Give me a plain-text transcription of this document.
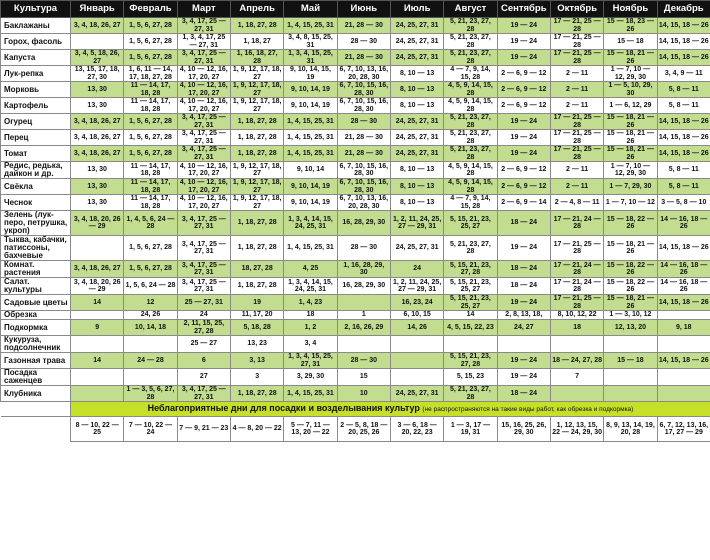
Культура	Январь	Февраль	Март	Апрель	Май	Июнь	Июль	Август	Сентябрь	Октябрь	Ноябрь	Декабрь
Баклажаны	3, 4, 18, 26, 27	1, 5, 6, 27, 28	3, 4, 17, 25 — 27, 31	1, 18, 27, 28	1, 4, 15, 25, 31	21, 28 — 30	24, 25, 27, 31	5, 21, 23, 27, 28	19 — 24	17 — 21, 25 — 28	15 — 18, 23 — 26	14, 15, 18 — 26
Горох, фасоль		1, 5, 6, 27, 28	1, 3, 4, 17, 25 — 27, 31	1, 18, 27	3, 4, 8, 15, 25, 31	28 — 30	24, 25, 27, 31	5, 21, 23, 27, 28	19 — 24	17 — 21, 25 — 28	15 — 18	14, 15, 18 — 26
Капуста	3, 4, 5, 18, 26, 27	1, 5, 6, 27, 28	3, 4, 17, 25 — 27, 31	1, 16, 18, 27, 28	1, 3, 4, 15, 25, 31	21, 28 — 30	24, 25, 27, 31	5, 21, 23, 27, 28	19 — 24	17 — 21, 25 — 28	15 — 18, 21 — 26	14, 15, 18 — 26
Лук-репка	13, 15, 17, 18, 27, 30	1, 6, 11 — 14, 17, 18, 27, 28	4, 10 — 12, 16, 17, 20, 27	1, 9, 12, 17, 18, 27	9, 10, 14, 15, 19	6, 7, 10, 13, 16, 20, 28, 30	8, 10 — 13	4 — 7, 9, 14, 15, 28	2 — 6, 9 — 12	2 — 11	1 — 7, 10 — 12, 29, 30	3, 4, 9 — 11
Морковь	13, 30	11 — 14, 17, 18, 28	4, 10 — 12, 16, 17, 20, 27	1, 9, 12, 17, 18, 27	9, 10, 14, 19	6, 7, 10, 15, 16, 28, 30	8, 10 — 13	4, 5, 9, 14, 15, 28	2 — 6, 9 — 12	2 — 11	1 — 5, 10, 29, 30	5, 8 — 11
Картофель	13, 30	11 — 14, 17, 18, 28	4, 10 — 12, 16, 17, 20, 27	1, 9, 12, 17, 18, 27	9, 10, 14, 19	6, 7, 10, 15, 16, 28, 30	8, 10 — 13	4, 5, 9, 14, 15, 28	2 — 6, 9 — 12	2 — 11	1 — 6, 12, 29	5, 8 — 11
Огурец	3, 4, 18, 26, 27	1, 5, 6, 27, 28	3, 4, 17, 25 — 27, 31	1, 18, 27, 28	1, 4, 15, 25, 31	28 — 30	24, 25, 27, 31	5, 21, 23, 27, 28	19 — 24	17 — 21, 25 — 28	15 — 18, 21 — 26	14, 15, 18 — 26
Перец	3, 4, 18, 26, 27	1, 5, 6, 27, 28	3, 4, 17, 25 — 27, 31	1, 18, 27, 28	1, 4, 15, 25, 31	21, 28 — 30	24, 25, 27, 31	5, 21, 23, 27, 28	19 — 24	17 — 21, 25 — 28	15 — 18, 21 — 26	14, 15, 18 — 26
Томат	3, 4, 18, 26, 27	1, 5, 6, 27, 28	3, 4, 17, 25 — 27, 31	1, 18, 27, 28	1, 4, 15, 25, 31	21, 28 — 30	24, 25, 27, 31	5, 21, 23, 27, 28	19 — 24	17 — 21, 25 — 28	15 — 18, 21 — 26	14, 15, 18 — 26
Редис, редька, дайкон и др.	13, 30	11 — 14, 17, 18, 28	4, 10 — 12, 16, 17, 20, 27	1, 9, 12, 17, 18, 27	9, 10, 14	6, 7, 10, 15, 16, 28, 30	8, 10 — 13	4, 5, 9, 14, 15, 28	2 — 6, 9 — 12	2 — 11	1 — 7, 10 — 12, 29, 30	5, 8 — 11
Свёкла	13, 30	11 — 14, 17, 18, 28	4, 10 — 12, 16, 17, 20, 27	1, 9, 12, 17, 18, 27	9, 10, 14, 19	6, 7, 10, 15, 16, 28, 30	8, 10 — 13	4, 5, 9, 14, 15, 28	2 — 6, 9 — 12	2 — 11	1 — 7, 29, 30	5, 8 — 11
Чеснок	13, 30	11 — 14, 17, 18, 28	4, 10 — 12, 16, 17, 20, 27	1, 9, 12, 17, 18, 27	9, 10, 14, 19	6, 7, 10, 13, 16, 20, 28, 30	8, 10 — 13	4 — 7, 9, 14, 15, 28	2 — 6, 9 — 14	2 — 4, 8 — 11	1 — 7, 10 — 12	3 — 5, 8 — 10
Зелень (лук-перо, петрушка, укроп)	3, 4, 18, 20, 26 — 29	1, 4, 5, 6, 24 — 28	3, 4, 17, 25 — 27, 31	1, 18, 27, 28	1, 3, 4, 14, 15, 24, 25, 31	16, 28, 29, 30	1, 2, 11, 24, 25, 27 — 29, 31	5, 15, 21, 23, 25, 27	18 — 24	17 — 21, 24 — 28	15 — 18, 22 — 26	14 — 16, 18 — 26
Тыква, кабачки, патиссоны, бахчевые		1, 5, 6, 27, 28	3, 4, 17, 25 — 27, 31	1, 18, 27, 28	1, 4, 15, 25, 31	28 — 30	24, 25, 27, 31	5, 21, 23, 27, 28	19 — 24	17 — 21, 25 — 28	15 — 18, 21 — 26	14, 15, 18 — 26
Комнат. растения	3, 4, 18, 26, 27	1, 5, 6, 27, 28	3, 4, 17, 25 — 27, 31	18, 27, 28	4, 25	1, 16, 28, 29, 30	24	5, 15, 21, 23, 27, 28	18 — 24	17 — 21, 24 — 28	15 — 18, 22 — 26	14 — 16, 18 — 26
Салат. культуры	3, 4, 18, 20, 26 — 29	1, 5, 6, 24 — 28	3, 4, 17, 25 — 27, 31	1, 18, 27, 28	1, 3, 4, 14, 15, 24, 25, 31	16, 28, 29, 30	1, 2, 11, 24, 25, 27 — 29, 31	5, 15, 21, 23, 25, 27	18 — 24	17 — 21, 24 — 28	15 — 18, 22 — 26	14 — 16, 18 — 26
Садовые цветы	14	12	25 — 27, 31	19	1, 4, 23		16, 23, 24	5, 15, 21, 23, 25, 27	19 — 24	17 — 21, 25 — 28	15 — 18, 21 — 26	14, 15, 18 — 26
Обрезка		24, 26	24	11, 17, 20	18	1	6, 10, 15	14	2, 8, 13, 18,	8, 10, 12, 22	1 — 3, 10, 12	
Подкормка	9	10, 14, 18	2, 11, 15, 25, 27, 28	5, 18, 28	1, 2	2, 16, 26, 29	14, 26	4, 5, 15, 22, 23	24, 27	18	12, 13, 20	9, 18
Кукуруза, подсолнечник			25 — 27	13, 23	3, 4							
Газонная трава	14	24 — 28	6	3, 13	1, 3, 4, 15, 25, 27, 31	28 — 30		5, 15, 21, 23, 27, 28	19 — 24	18 — 24, 27, 28	15 — 18	14, 15, 18 — 26
Посадка саженцев			27	3	3, 29, 30	15		5, 15, 23	19 — 24	7		
Клубника		1 — 3, 5, 6, 27, 28	3, 4, 17, 25 — 27, 31	1, 18, 27, 28	1, 4, 15, 25, 31	10	24, 25, 27, 31	5, 21, 23, 27, 28	18 — 24			
	Неблагоприятные дни для посадки и возделывания культур (не распространяются на такие виды работ, как обрезка и подкормка)											
	8 — 10, 22 — 25	7 — 10, 22 — 24	7 — 9, 21 — 23	4 — 8, 20 — 22	5 — 7, 11 — 13, 20 — 22	2 — 5, 8, 18 — 20, 25, 26	3 — 6, 18 — 20, 22, 23	1 — 3, 17 — 19, 31	15, 16, 25, 26, 29, 30	1, 12, 13, 15, 22 — 24, 29, 30	8, 9, 13, 14, 19, 20, 28	6, 7, 12, 13, 16, 17, 27 — 29
